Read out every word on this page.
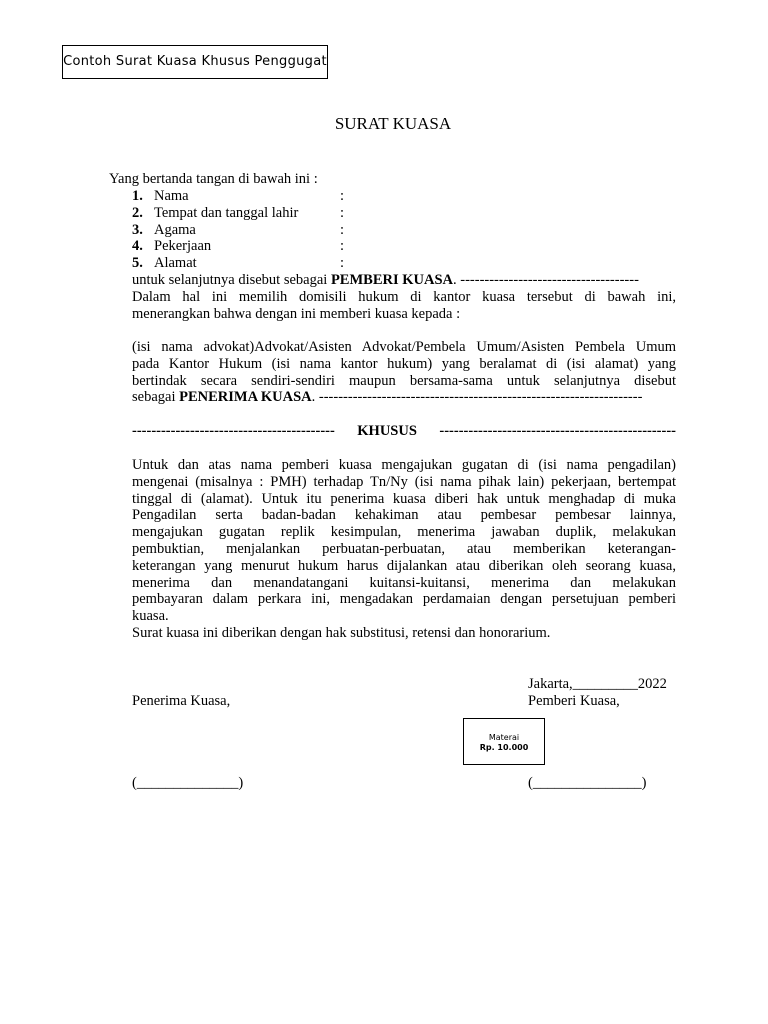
Contoh Surat Kuasa Khusus Penggugat
SURAT KUASA
Yang bertanda tangan di bawah ini :
1. Nama	:
2. Tempat dan tanggal lahir	:
3. Agama	:
4. Pekerjaan	:
5. Alamat	:
untuk selanjutnya disebut sebagai PEMBERI KUASA. -------------------------------------
Dalam hal ini memilih domisili hukum di kantor kuasa tersebut di bawah ini,
menerangkan bahwa dengan ini memberi kuasa kepada :
(isi nama advokat)Advokat/Asisten Advokat/Pembela Umum/Asisten Pembela Umum
pada Kantor Hukum (isi nama kantor hukum) yang beralamat di (isi alamat) yang
bertindak secara sendiri-sendiri maupun bersama-sama untuk selanjutnya disebut
sebagai PENERIMA KUASA. -------------------------------------------------------------------
------------------------------------------ KHUSUS -------------------------------------------------
Untuk dan atas nama pemberi kuasa mengajukan gugatan di (isi nama pengadilan)
mengenai (misalnya : PMH) terhadap Tn/Ny (isi nama pihak lain) pekerjaan, bertempat
tinggal di (alamat). Untuk itu penerima kuasa diberi hak untuk menghadap di muka
Pengadilan serta badan-badan kehakiman atau pembesar pembesar lainnya,
mengajukan gugatan replik kesimpulan, menerima jawaban duplik, melakukan
pembuktian, menjalankan perbuatan-perbuatan, atau memberikan keterangan-
keterangan yang menurut hukum harus dijalankan atau diberikan oleh seorang kuasa,
menerima dan menandatangani kuitansi-kuitansi, menerima dan melakukan
pembayaran dalam perkara ini, mengadakan perdamaian dengan persetujuan pemberi
kuasa.
Surat kuasa ini diberikan dengan hak substitusi, retensi dan honorarium.
Jakarta,_________2022
Penerima Kuasa,	Pemberi Kuasa,
Materai
Rp. 10.000
(______________)	(_______________)
